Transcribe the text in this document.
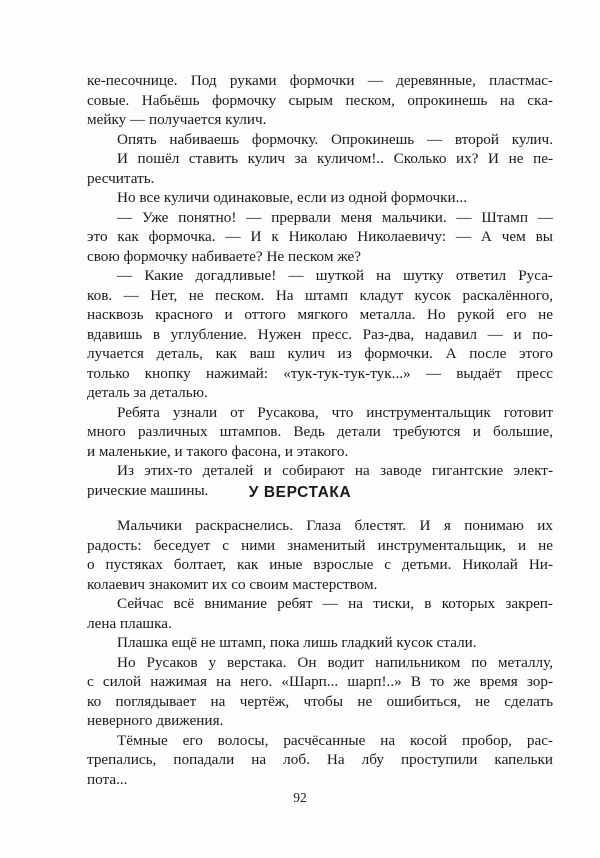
ке-песочнице. Под руками формочки — деревянные, пластмас-
совые. Набьёшь формочку сырым песком, опрокинешь на ска-
мейку — получается кулич.
Опять набиваешь формочку. Опрокинешь — второй кулич.
И пошёл ставить кулич за куличом!.. Сколько их? И не пе-
ресчитать.
Но все куличи одинаковые, если из одной формочки...
— Уже понятно! — прервали меня мальчики. — Штамп —
это как формочка. — И к Николаю Николаевичу: — А чем вы
свою формочку набиваете? Не песком же?
— Какие догадливые! — шуткой на шутку ответил Руса-
ков. — Нет, не песком. На штамп кладут кусок раскалённого,
насквозь красного и оттого мягкого металла. Но рукой его не
вдавишь в углубление. Нужен пресс. Раз-два, надавил — и по-
лучается деталь, как ваш кулич из формочки. А после этого
только кнопку нажимай: «тук-тук-тук-тук...» — выдаёт пресс
деталь за деталью.
Ребята узнали от Русакова, что инструментальщик готовит
много различных штампов. Ведь детали требуются и большие,
и маленькие, и такого фасона, и этакого.
Из этих-то деталей и собирают на заводе гигантские элект-
рические машины.	У ВЕРСТАКА
Мальчики раскраснелись. Глаза блестят. И я понимаю их
радость: беседует с ними знаменитый инструментальщик, и не
о пустяках болтает, как иные взрослые с детьми. Николай Ни-
колаевич знакомит их со своим мастерством.
Сейчас всё внимание ребят — на тиски, в которых закреп-
лена плашка.
Плашка ещё не штамп, пока лишь гладкий кусок стали.
Но Русаков у верстака. Он водит напильником по металлу,
с силой нажимая на него. «Шарп... шарп!..» В то же время зор-
ко поглядывает на чертёж, чтобы не ошибиться, не сделать
неверного движения.
Тёмные его волосы, расчёсанные на косой пробор, рас-
трепались, попадали на лоб. На лбу проступили капельки
пота...
92
